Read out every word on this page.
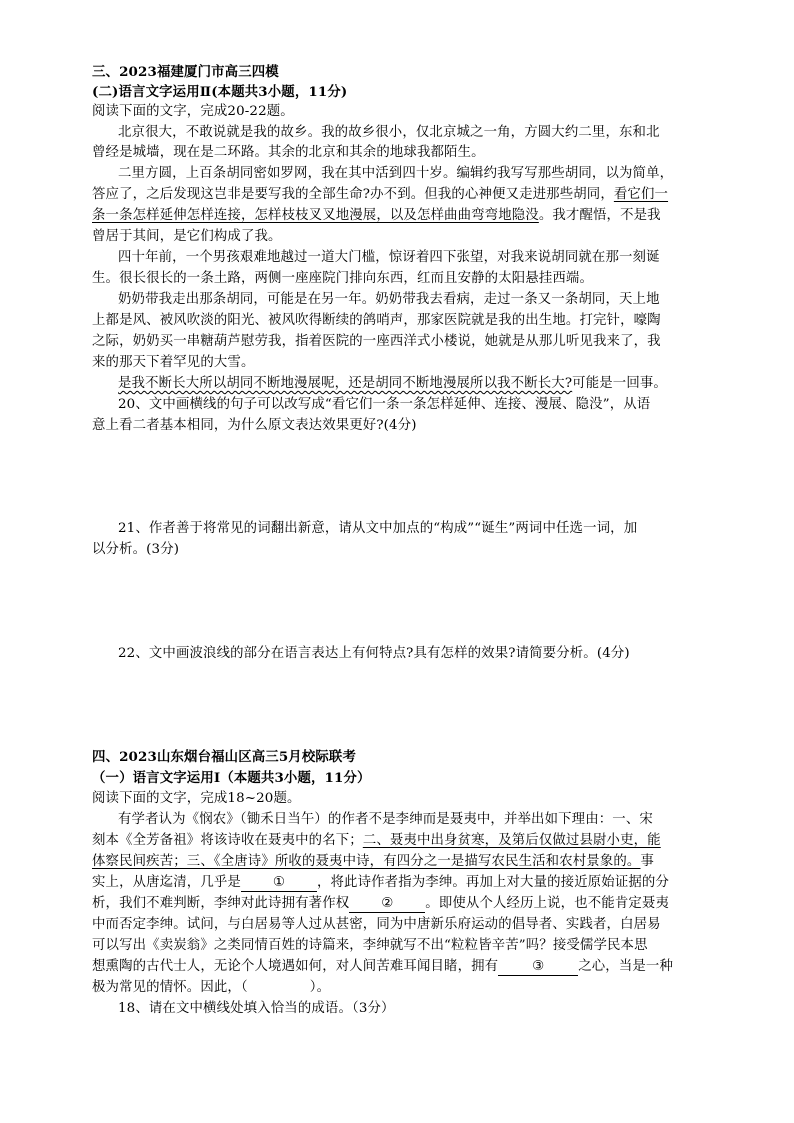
三、2023福建厦门市高三四模
(二)语言文字运用Ⅱ(本题共3小题，11分)
阅读下面的文字，完成20-22题。
北京很大，不敢说就是我的故乡。我的故乡很小，仅北京城之一角，方圆大约二里，东和北
曾经是城墙，现在是二环路。其余的北京和其余的地球我都陌生。
二里方圆，上百条胡同密如罗网，我在其中活到四十岁。编辑约我写写那些胡同，以为简单，
答应了，之后发现这岂非是要写我的全部生命?办不到。但我的心神便又走进那些胡同，看它们一
条一条怎样延伸怎样连接，怎样枝枝叉叉地漫展，以及怎样曲曲弯弯地隐没。我才醒悟，不是我
曾居于其间，是它们构成了我。
四十年前，一个男孩艰难地越过一道大门槛，惊讶着四下张望，对我来说胡同就在那一刻诞
生。很长很长的一条土路，两侧一座座院门排向东西，红而且安静的太阳悬挂西端。
奶奶带我走出那条胡同，可能是在另一年。奶奶带我去看病，走过一条又一条胡同，天上地
上都是风、被风吹淡的阳光、被风吹得断续的鸽哨声，那家医院就是我的出生地。打完针，嚎陶
之际，奶奶买一串糖葫芦慰劳我，指着医院的一座西洋式小楼说，她就是从那儿听见我来了，我
来的那天下着罕见的大雪。
是我不断长大所以胡同不断地漫展呢，还是胡同不断地漫展所以我不断长大?可能是一回事。
20、文中画横线的句子可以改写成“看它们一条一条怎样延伸、连接、漫展、隐没”，从语
意上看二者基本相同，为什么原文表达效果更好?(4分)
21、作者善于将常见的词翻出新意，请从文中加点的“构成”“诞生”两词中任选一词，加
以分析。(3分)
22、文中画波浪线的部分在语言表达上有何特点?具有怎样的效果?请简要分析。(4分)
四、2023山东烟台福山区高三5月校际联考
（一）语言文字运用Ⅰ（本题共3小题，11分）
阅读下面的文字，完成18~20题。
有学者认为《悯农》（锄禾日当午）的作者不是李绅而是聂夷中，并举出如下理由：一、宋
刻本《全芳备祖》将该诗收在聂夷中的名下；二、聂夷中出身贫寒，及第后仅做过县尉小吏，能
体察民间疾苦；三、《全唐诗》所收的聂夷中诗，有四分之一是描写农民生活和农村景象的。事
实上，从唐迄清，几乎是 ① ，将此诗作者指为李绅。再加上对大量的接近原始证据的分
析，我们不难判断，李绅对此诗拥有著作权 ② 。即使从个人经历上说，也不能肯定聂夷
中而否定李绅。试问，与白居易等人过从甚密，同为中唐新乐府运动的倡导者、实践者，白居易
可以写出《卖炭翁》之类同情百姓的诗篇来，李绅就写不出“粒粒皆辛苦”吗？接受儒学民本思
想熏陶的古代士人，无论个人境遇如何，对人间苦难耳闻目睹，拥有	③	之心，当是一种
极为常见的情怀。因此，（	）。
18、请在文中横线处填入恰当的成语。（3分）
